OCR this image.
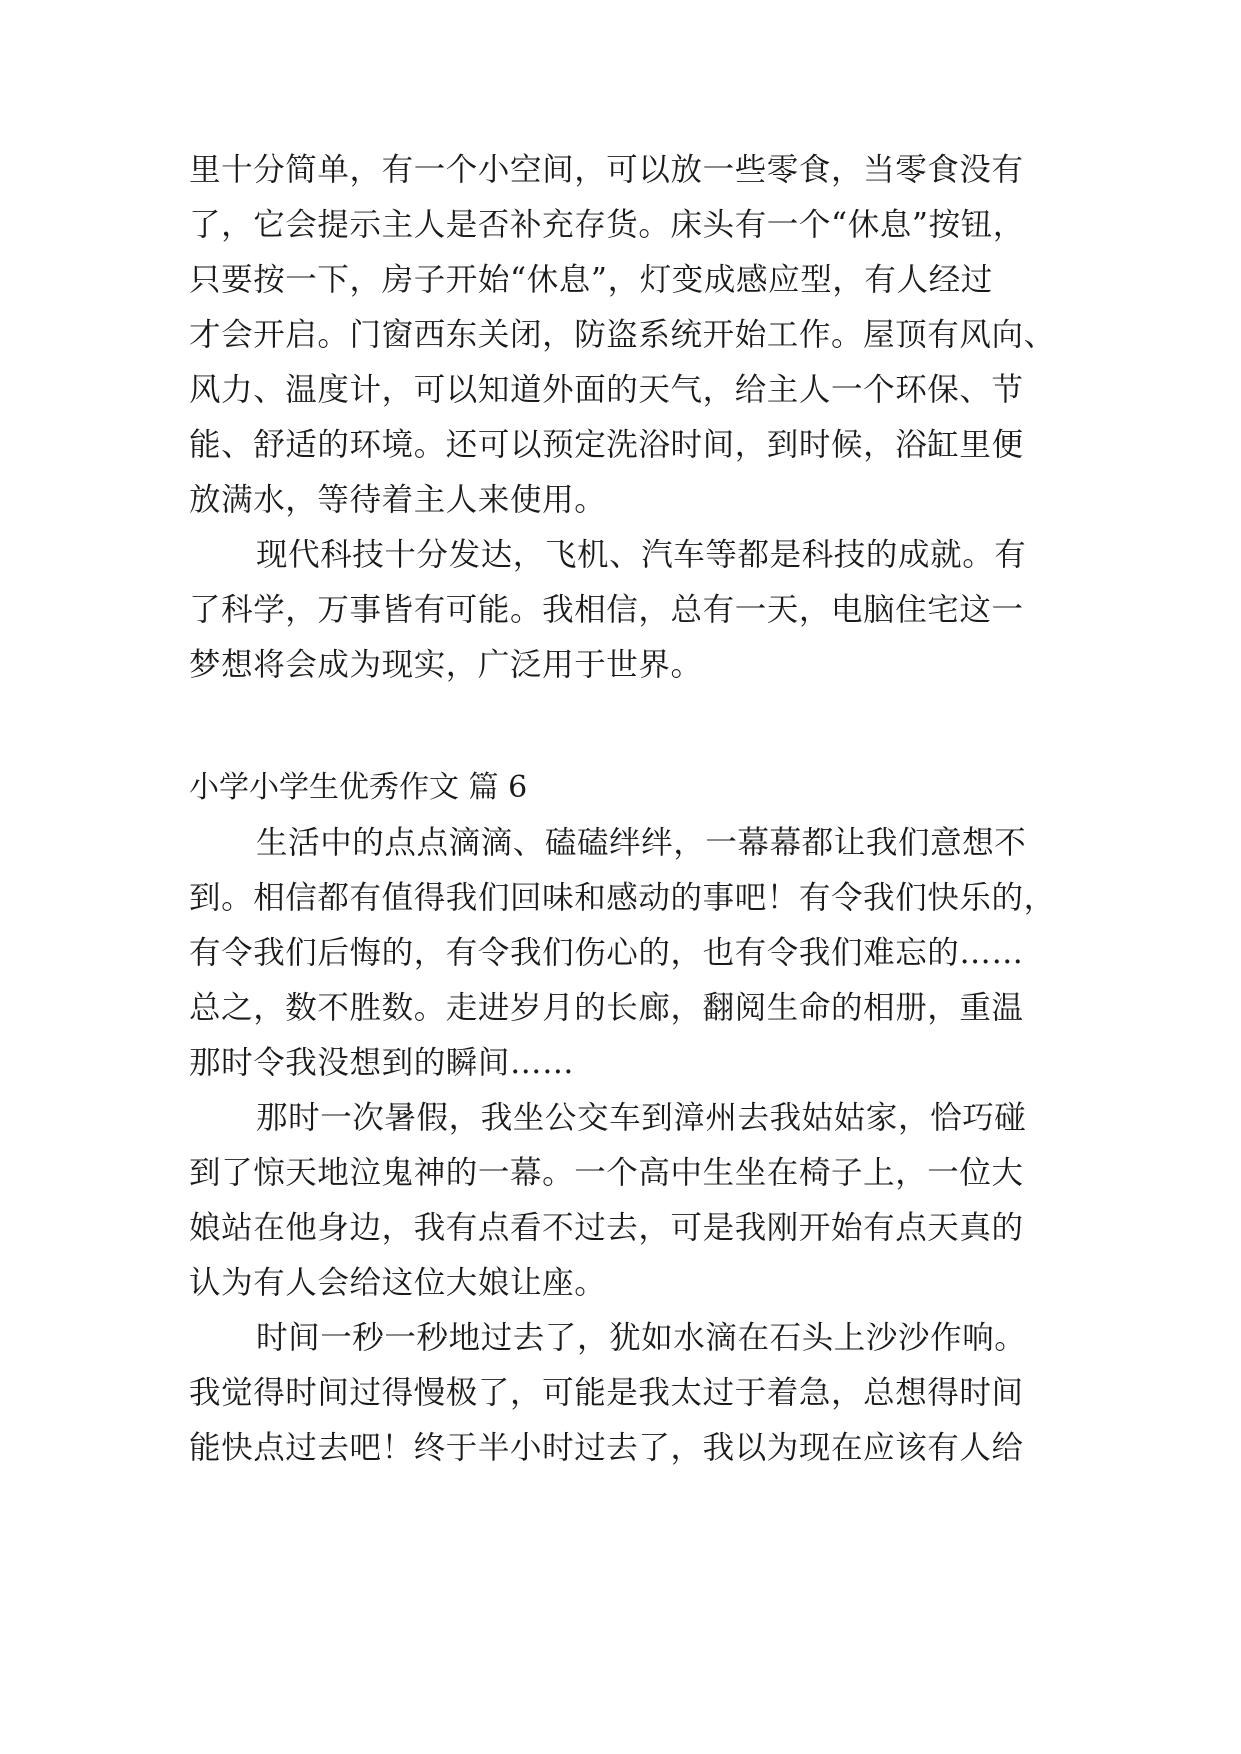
里十分简单，有一个小空间，可以放一些零食，当零食没有
了，它会提示主人是否补充存货。床头有一个“休息”按钮，
只要按一下，房子开始“休息”，灯变成感应型，有人经过
才会开启。门窗西东关闭，防盗系统开始工作。屋顶有风向、
风力、温度计，可以知道外面的天气，给主人一个环保、节
能、舒适的环境。还可以预定洗浴时间，到时候，浴缸里便
放满水，等待着主人来使用。
现代科技十分发达，飞机、汽车等都是科技的成就。有
了科学，万事皆有可能。我相信，总有一天，电脑住宅这一
梦想将会成为现实，广泛用于世界。
小学小学生优秀作文 篇 6
生活中的点点滴滴、磕磕绊绊，一幕幕都让我们意想不
到。相信都有值得我们回味和感动的事吧！有令我们快乐的，
有令我们后悔的，有令我们伤心的，也有令我们难忘的……
总之，数不胜数。走进岁月的长廊，翻阅生命的相册，重温
那时令我没想到的瞬间……
那时一次暑假，我坐公交车到漳州去我姑姑家，恰巧碰
到了惊天地泣鬼神的一幕。一个高中生坐在椅子上，一位大
娘站在他身边，我有点看不过去，可是我刚开始有点天真的
认为有人会给这位大娘让座。
时间一秒一秒地过去了，犹如水滴在石头上沙沙作响。
我觉得时间过得慢极了，可能是我太过于着急，总想得时间
能快点过去吧！终于半小时过去了，我以为现在应该有人给
